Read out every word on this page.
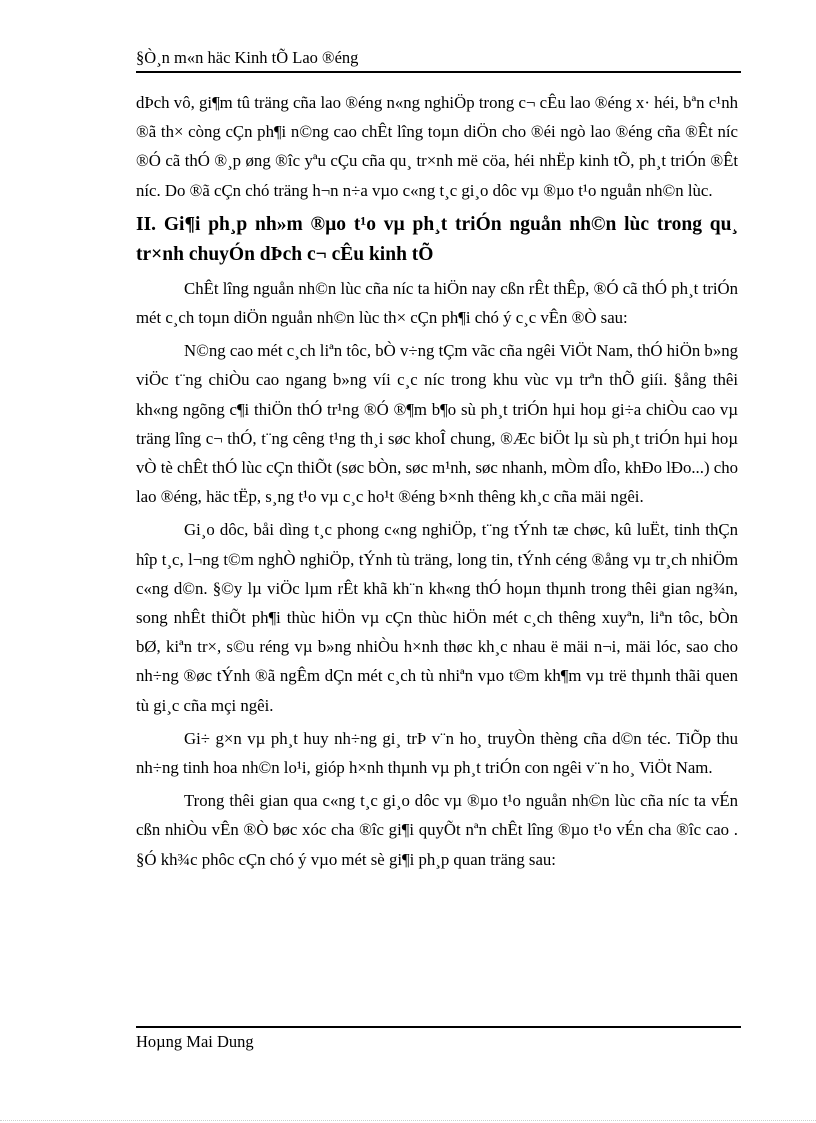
§Ò¸n m«n häc Kinh tÕ Lao ®éng

dÞch vô, gi¶m tû träng cña lao ®éng n«ng nghiÖp trong c¬ cÊu lao ®éng x· héi, bªn c¹nh ®ã th× còng cÇn ph¶i n©ng cao chÊt lîng toµn diÖn cho ®éi ngò lao ®éng cña ®Êt níc ®Ó cã thÓ ®¸p øng ®îc yªu cÇu cña qu¸ tr×nh më cöa, héi nhËp kinh tÕ, ph¸t triÓn ®Êt níc. Do ®ã cÇn chó träng h¬n n÷a vµo c«ng t¸c gi¸o dôc vµ ®µo t¹o nguån nh©n lùc.

II. Gi¶i ph¸p nh»m ®µo t¹o vµ ph¸t triÓn nguån nh©n lùc trong qu¸ tr×nh chuyÓn dÞch c¬ cÊu kinh tÕ

ChÊt lîng nguån nh©n lùc cña níc ta hiÖn nay cßn rÊt thÊp, ®Ó cã thÓ ph¸t triÓn mét c¸ch toµn diÖn nguån nh©n lùc th× cÇn ph¶i chó ý c¸c vÊn ®Ò sau:

N©ng cao mét c¸ch liªn tôc, bÒ v÷ng tÇm vãc cña ngêi ViÖt Nam, thÓ hiÖn b»ng viÖc t¨ng chiÒu cao ngang b»ng víi c¸c níc trong khu vùc vµ trªn thÕ giíi. §ång thêi kh«ng ngõng c¶i thiÖn thÓ tr¹ng ®Ó ®¶m b¶o sù ph¸t triÓn hµi hoµ gi÷a chiÒu cao vµ träng lîng c¬ thÓ, t¨ng cêng t¹ng th¸i søc khoÎ chung, ®Æc biÖt lµ sù ph¸t triÓn hµi hoµ vÒ tè chÊt thÓ lùc cÇn thiÕt (søc bÒn, søc m¹nh, søc nhanh, mÒm dÎo, khÐo lÐo...) cho lao ®éng, häc tËp, s¸ng t¹o vµ c¸c ho¹t ®éng b×nh thêng kh¸c cña mäi ngêi.

Gi¸o dôc, båi dìng t¸c phong c«ng nghiÖp, t¨ng tÝnh tæ chøc, kû luËt, tinh thÇn hîp t¸c, l¬ng t©m nghÒ nghiÖp, tÝnh tù träng, long tin, tÝnh céng ®ång vµ tr¸ch nhiÖm c«ng d©n. §©y lµ viÖc lµm rÊt khã kh¨n kh«ng thÓ hoµn thµnh trong thêi gian ng¾n, song nhÊt thiÕt ph¶i thùc hiÖn vµ cÇn thùc hiÖn mét c¸ch thêng xuyªn, liªn tôc, bÒn bØ, kiªn tr×, s©u réng vµ b»ng nhiÒu h×nh thøc kh¸c nhau ë mäi n¬i, mäi lóc, sao cho nh÷ng ®øc tÝnh ®ã ngÊm dÇn mét c¸ch tù nhiªn vµo t©m kh¶m vµ trë thµnh thãi quen tù gi¸c cña mçi ngêi.

Gi÷ g×n vµ ph¸t huy nh÷ng gi¸ trÞ v¨n ho¸ truyÒn thèng cña d©n téc. TiÕp thu nh÷ng tinh hoa nh©n lo¹i, gióp h×nh thµnh vµ ph¸t triÓn con ngêi v¨n ho¸ ViÖt Nam.

Trong thêi gian qua c«ng t¸c gi¸o dôc vµ ®µo t¹o nguån nh©n lùc cña níc ta vÉn cßn nhiÒu vÊn ®Ò bøc xóc cha ®îc gi¶i quyÕt nªn chÊt lîng ®µo t¹o vÉn cha ®îc cao . §Ó kh¾c phôc cÇn chó ý vµo mét sè gi¶i ph¸p quan träng sau:

Hoµng Mai Dung
